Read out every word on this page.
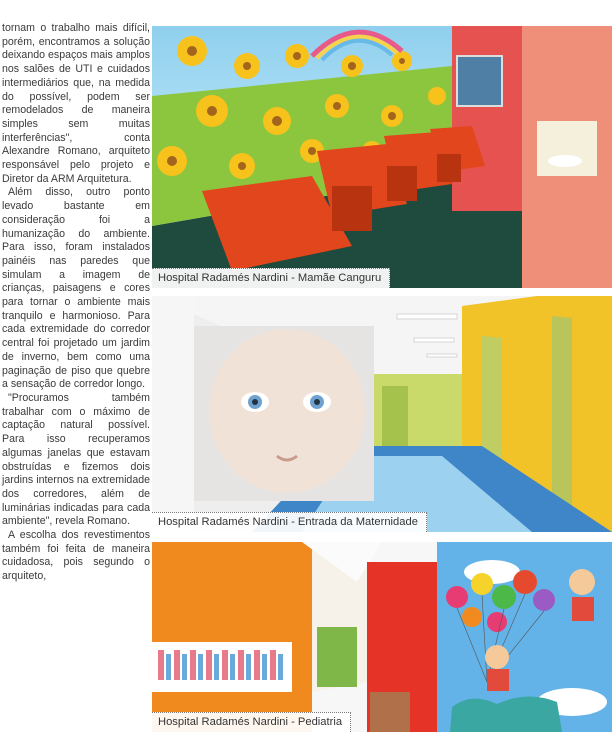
tornam o trabalho mais difícil, porém, encontramos a solução deixando espaços mais amplos nos salões de UTI e cuidados intermediários que, na medida do possível, podem ser remodelados de maneira simples sem muitas interferências", conta Alexandre Romano, arquiteto responsável pelo projeto e Diretor da ARM Arquitetura.

Além disso, outro ponto levado bastante em consideração foi a humanização do ambiente. Para isso, foram instalados painéis nas paredes que simulam a imagem de crianças, paisagens e cores para tornar o ambiente mais tranquilo e harmonioso. Para cada extremidade do corredor central foi projetado um jardim de inverno, bem como uma paginação de piso que quebre a sensação de corredor longo.

"Procuramos também trabalhar com o máximo de captação natural possível. Para isso recuperamos algumas janelas que estavam obstruídas e fizemos dois jardins internos na extremidade dos corredores, além de luminárias indicadas para cada ambiente", revela Romano.

A escolha dos revestimentos também foi feita de maneira cuidadosa, pois segundo o arquiteto,

Hospital Radamés Nardini - Mamãe Canguru
Hospital Radamés Nardini - Entrada da Maternidade
Hospital Radamés Nardini - Pediatria
